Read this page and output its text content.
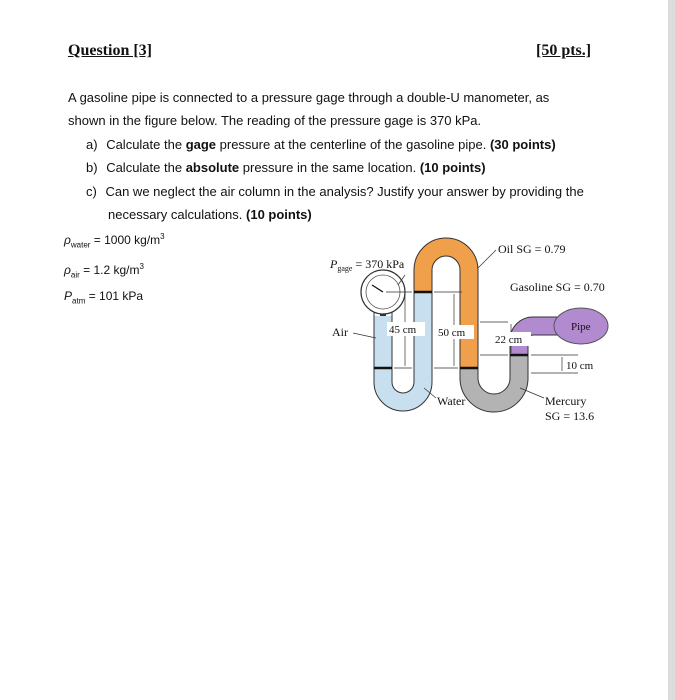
Question [3]	[50 pts.]
A gasoline pipe is connected to a pressure gage through a double-U manometer, as
shown in the figure below. The reading of the pressure gage is 370 kPa.
a) Calculate the gage pressure at the centerline of the gasoline pipe. (30 points)
b) Calculate the absolute pressure in the same location. (10 points)
c) Can we neglect the air column in the analysis? Justify your answer by providing the
necessary calculations. (10 points)
$\rho_{water} = 1000$ $kg/m^3$
$\rho_{air} = 1.2$ $kg/m^3$
$P_{atm} = 101$ kPa
Pipe
$P_{gage} = 370$ kPa
Oil SG = 0.79
Gasoline SG = 0.70
Air
Water	Mercury
SG = 13.6
45 cm 50 cm
22 cm
10 cm
